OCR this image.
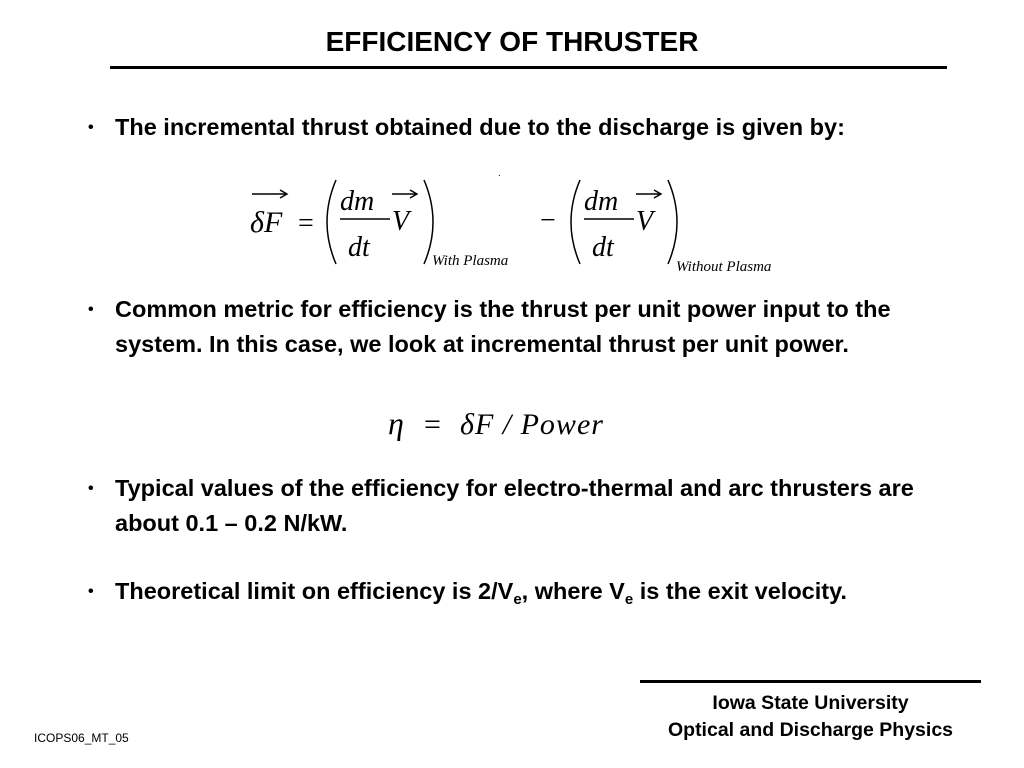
EFFICIENCY OF THRUSTER
• The incremental thrust obtained due to the discharge is given by:
.
δF =
dm
dt
V
With Plasma
−
dm
dt
V
Without Plasma
• Common metric for efficiency is the thrust per unit power input to the system. In this case, we look at incremental thrust per unit power.
η = δF / Power
• Typical values of the efficiency for electro-thermal and arc thrusters are about 0.1 – 0.2 N/kW.
• Theoretical limit on efficiency is $2/V_e$, where $V_e$ is the exit velocity.
Iowa State University
Optical and Discharge Physics
ICOPS06_MT_05
